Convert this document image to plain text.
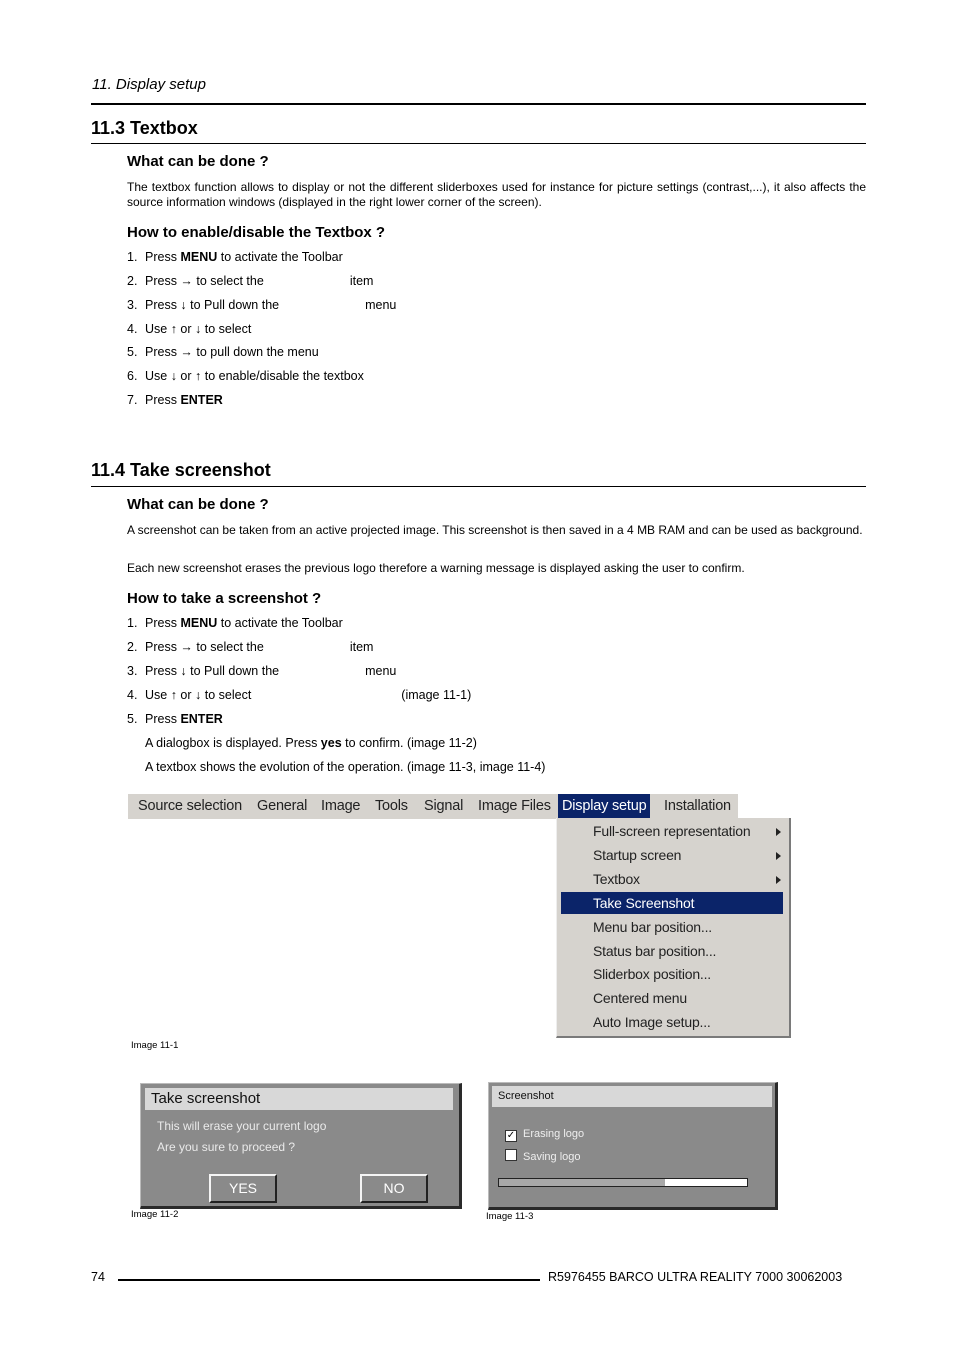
11. Display setup
11.3 Textbox
What can be done ?
The textbox function allows to display or not the different sliderboxes used for instance for picture settings (contrast,...), it also affects the source information windows (displayed in the right lower corner of the screen).
How to enable/disable the Textbox ?
1. Press MENU to activate the Toolbar
2. Press → to select the	item
3. Press ↓ to Pull down the	menu
4. Use ↑ or ↓ to select
5. Press → to pull down the menu
6. Use ↓ or ↑ to enable/disable the textbox
7. Press ENTER
11.4 Take screenshot
What can be done ?
A screenshot can be taken from an active projected image. This screenshot is then saved in a 4 MB RAM and can be used as background.
Each new screenshot erases the previous logo therefore a warning message is displayed asking the user to confirm.
How to take a screenshot ?
1. Press MENU to activate the Toolbar
2. Press → to select the	item
3. Press ↓ to Pull down the	menu
4. Use ↑ or ↓ to select	(image 11-1)
5. Press ENTER
A dialogbox is displayed. Press yes to confirm. (image 11-2)
A textbox shows the evolution of the operation. (image 11-3, image 11-4)
Source selection General Image Tools Signal Image Files Display setup Installation
Full-screen representation
Startup screen
Textbox
Take Screenshot
Menu bar position...
Status bar position...
Sliderbox position...
Centered menu
Auto Image setup...
Image 11-1
Take screenshot
This will erase your current logo
Are you sure to proceed ?
YES	NO
Image 11-2
Screenshot
✓ Erasing logo
Saving logo
Image 11-3
74	R5976455 BARCO ULTRA REALITY 7000 30062003
